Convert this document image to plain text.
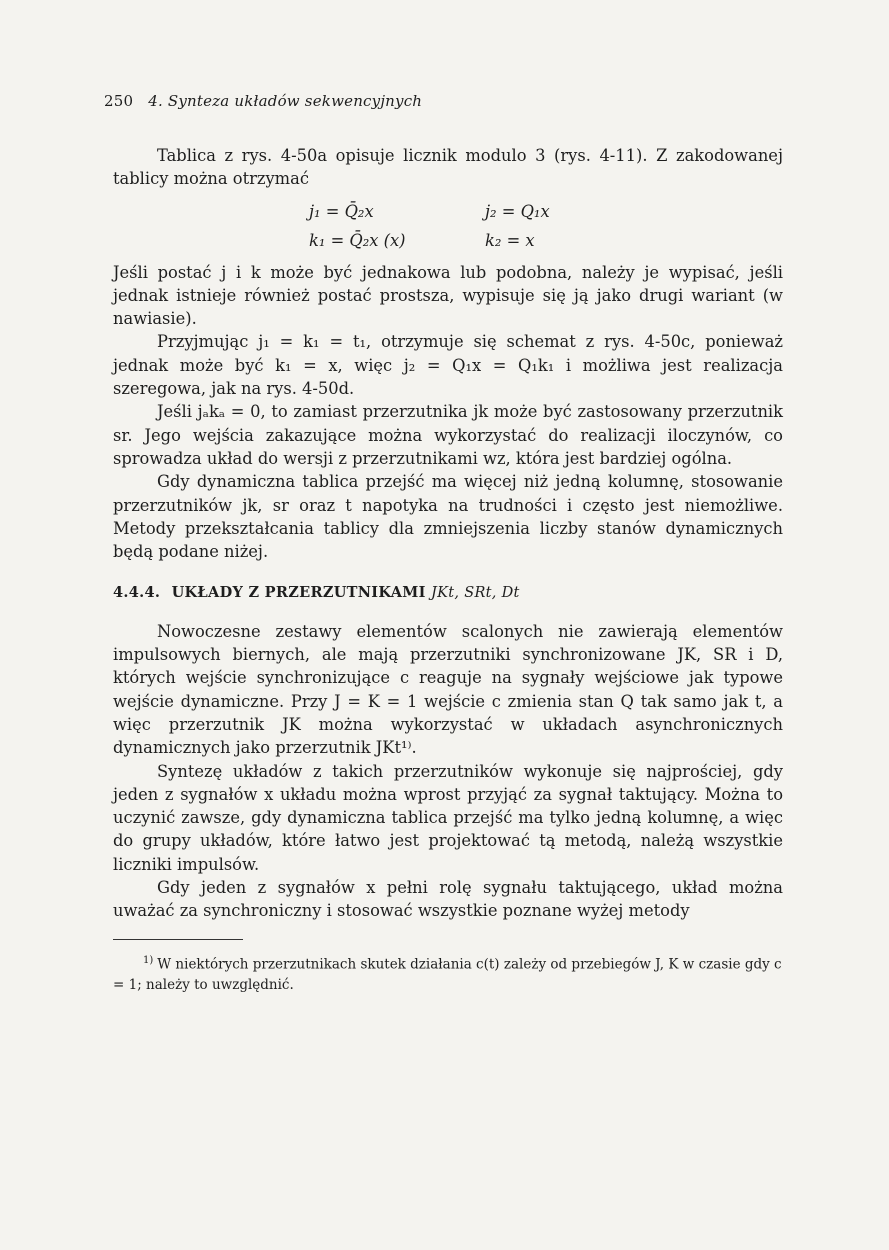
250 4. Synteza układów sekwencyjnych

Tablica z rys. 4-50a opisuje licznik modulo 3 (rys. 4-11). Z zakodowanej tablicy można otrzymać

j₁ = Q̄₂x	j₂ = Q₁x
k₁ = Q̄₂x (x)	k₂ = x

Jeśli postać j i k może być jednakowa lub podobna, należy je wypisać, jeśli jednak istnieje również postać prostsza, wypisuje się ją jako drugi wariant (w nawiasie).

Przyjmując j₁ = k₁ = t₁, otrzymuje się schemat z rys. 4-50c, ponieważ jednak może być k₁ = x, więc j₂ = Q₁x = Q₁k₁ i możliwa jest realizacja szeregowa, jak na rys. 4-50d.

Jeśli jₐkₐ = 0, to zamiast przerzutnika jk może być zastosowany przerzutnik sr. Jego wejścia zakazujące można wykorzystać do realizacji iloczynów, co sprowadza układ do wersji z przerzutnikami wz, która jest bardziej ogólna.

Gdy dynamiczna tablica przejść ma więcej niż jedną kolumnę, stosowanie przerzutników jk, sr oraz t napotyka na trudności i często jest niemożliwe. Metody przekształcania tablicy dla zmniejszenia liczby stanów dynamicznych będą podane niżej.

4.4.4. UKŁADY Z PRZERZUTNIKAMI JKt, SRt, Dt

Nowoczesne zestawy elementów scalonych nie zawierają elementów impulsowych biernych, ale mają przerzutniki synchronizowane JK, SR i D, których wejście synchronizujące c reaguje na sygnały wejściowe jak typowe wejście dynamiczne. Przy J = K = 1 wejście c zmienia stan Q tak samo jak t, a więc przerzutnik JK można wykorzystać w układach asynchronicznych dynamicznych jako przerzutnik JKt¹⁾.

Syntezę układów z takich przerzutników wykonuje się najprościej, gdy jeden z sygnałów x układu można wprost przyjąć za sygnał taktujący. Można to uczynić zawsze, gdy dynamiczna tablica przejść ma tylko jedną kolumnę, a więc do grupy układów, które łatwo jest projektować tą metodą, należą wszystkie liczniki impulsów.

Gdy jeden z sygnałów x pełni rolę sygnału taktującego, układ można uważać za synchroniczny i stosować wszystkie poznane wyżej metody

$^{1)}$ W niektórych przerzutnikach skutek działania c(t) zależy od przebiegów J, K w czasie gdy c = 1; należy to uwzględnić.
